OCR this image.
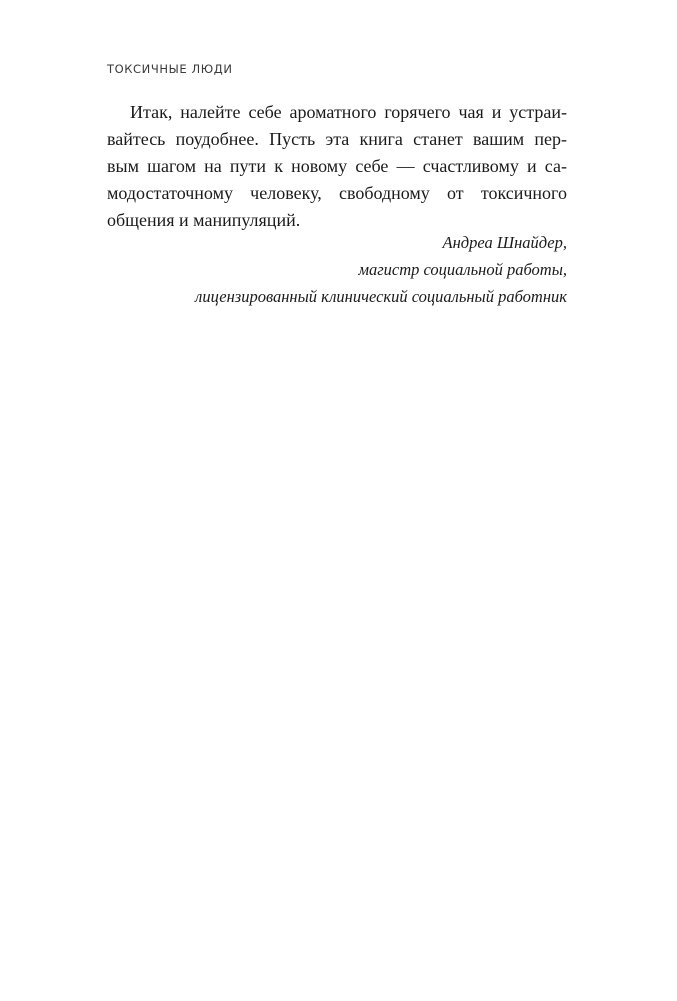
ТОКСИЧНЫЕ ЛЮДИ

Итак, налейте себе ароматного горячего чая и устраи-
вайтесь поудобнее. Пусть эта книга станет вашим пер-
вым шагом на пути к новому себе — счастливому и са-
модостаточному человеку, свободному от токсичного
общения и манипуляций.
Андреа Шнайдер,
магистр социальной работы,
лицензированный клинический социальный работник
